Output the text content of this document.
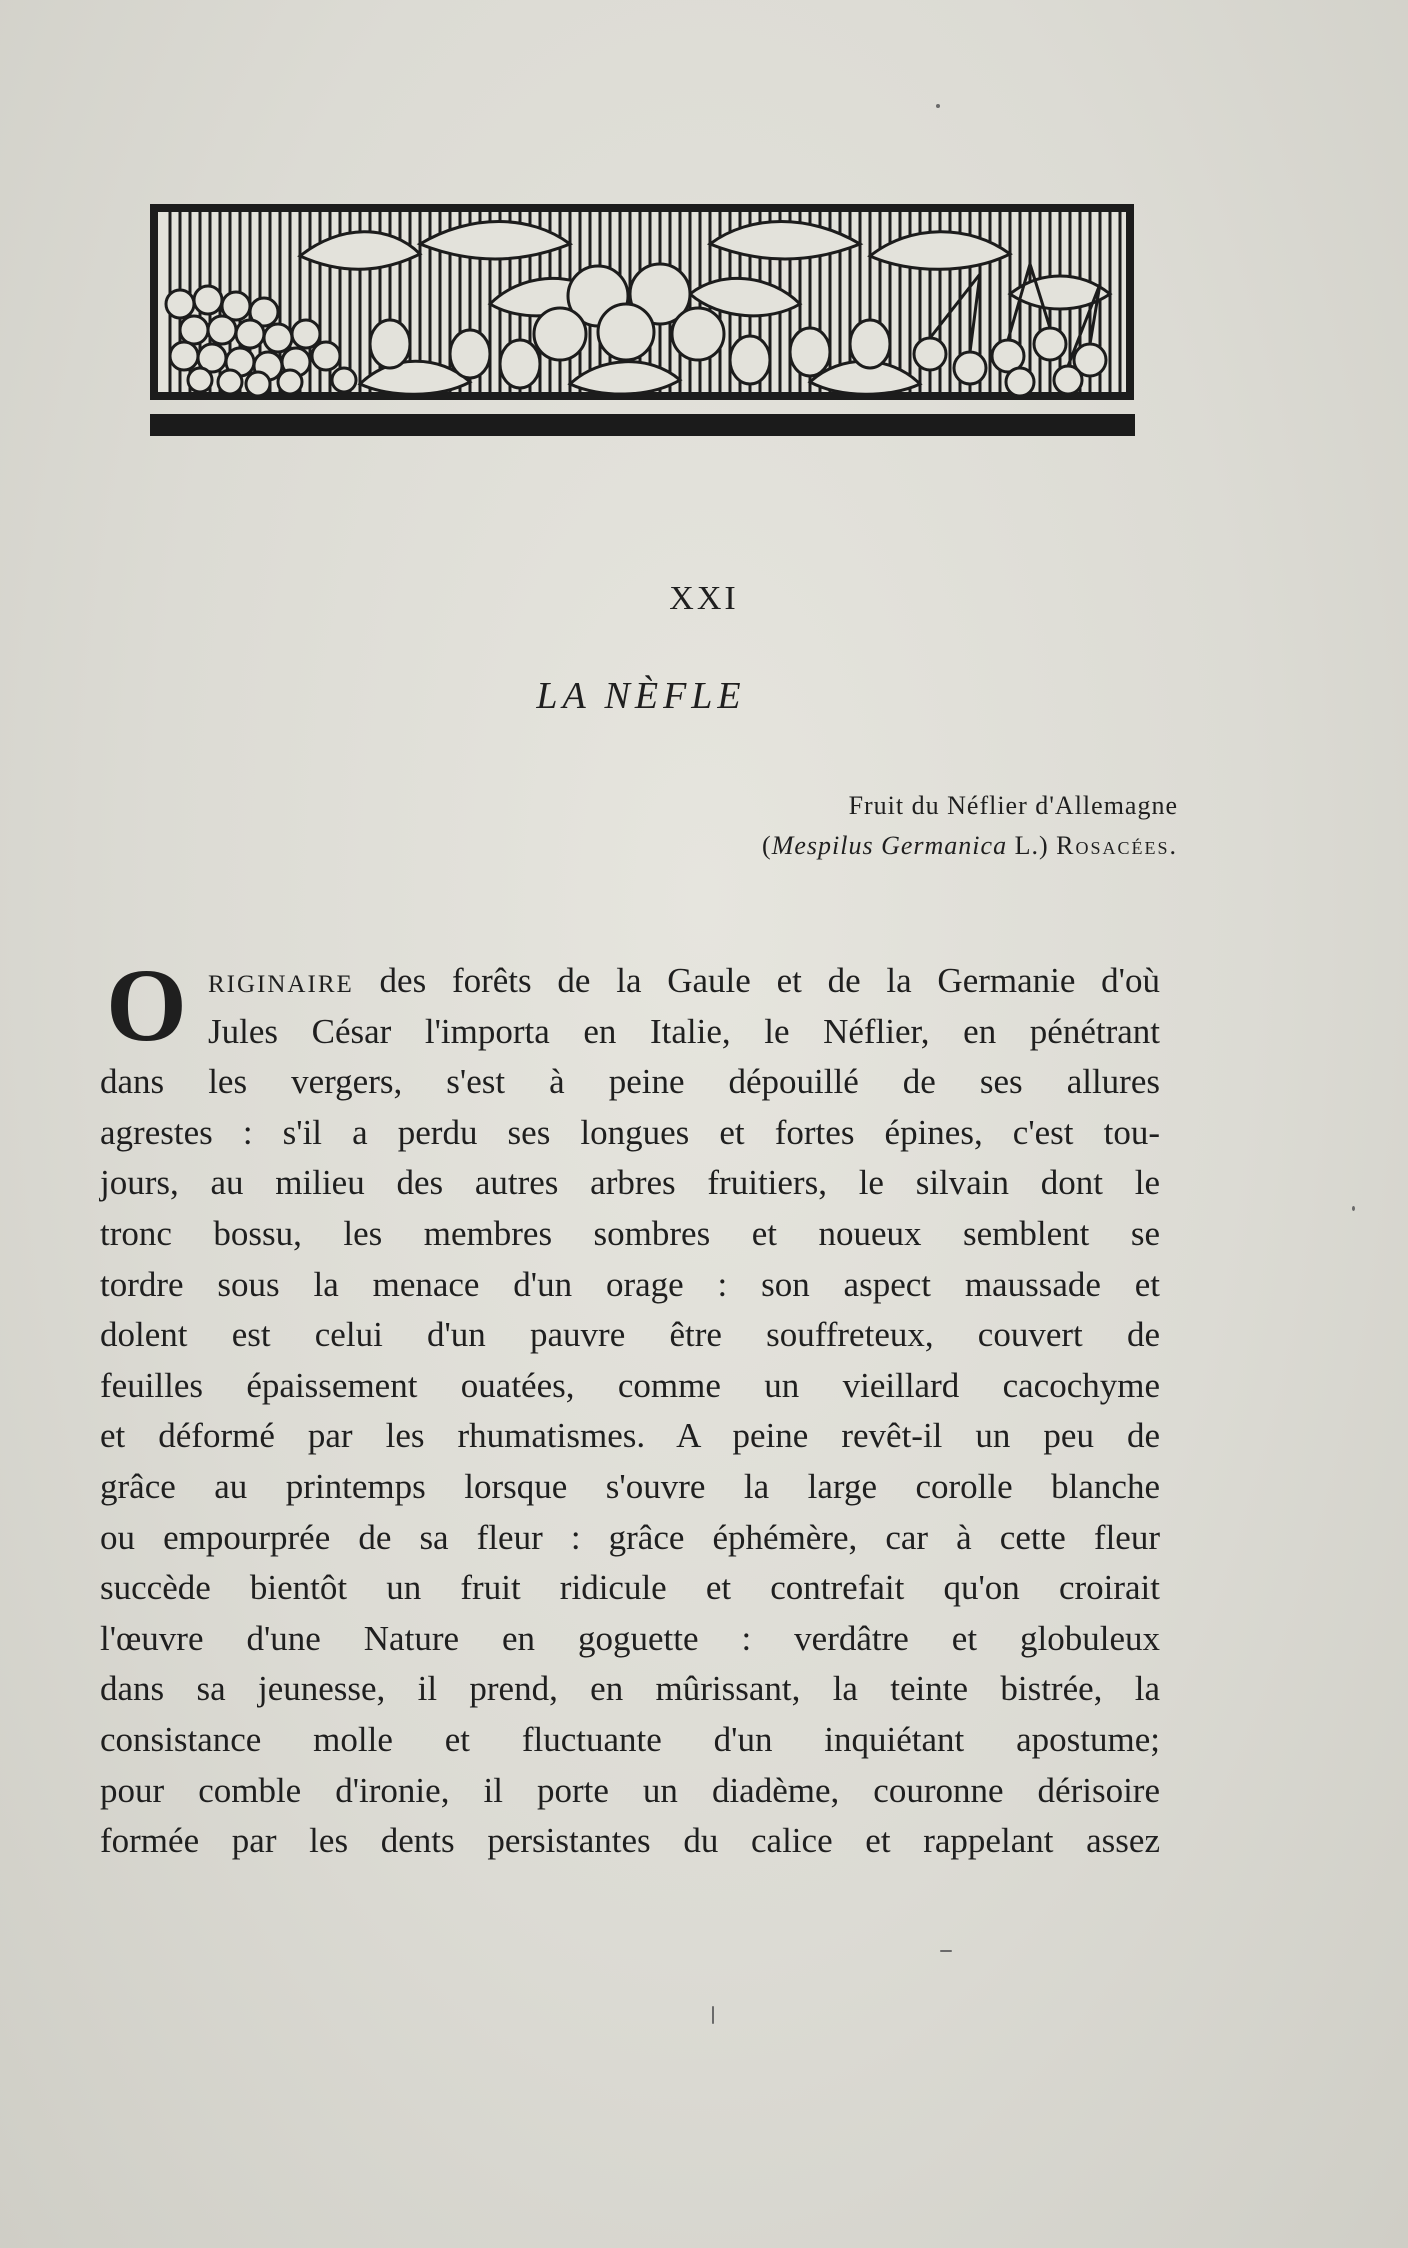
XXI
LA NÈFLE
Fruit du Néflier d'Allemagne
(Mespilus Germanica L.) Rosacées.
O riginaire des forêts de la Gaule et de la Germanie d'où
Jules César l'importa en Italie, le Néflier, en pénétrant
dans les vergers, s'est à peine dépouillé de ses allures
agrestes : s'il a perdu ses longues et fortes épines, c'est tou-
jours, au milieu des autres arbres fruitiers, le silvain dont le
tronc bossu, les membres sombres et noueux semblent se
tordre sous la menace d'un orage : son aspect maussade et
dolent est celui d'un pauvre être souffreteux, couvert de
feuilles épaissement ouatées, comme un vieillard cacochyme
et déformé par les rhumatismes. A peine revêt-il un peu de
grâce au printemps lorsque s'ouvre la large corolle blanche
ou empourprée de sa fleur : grâce éphémère, car à cette fleur
succède bientôt un fruit ridicule et contrefait qu'on croirait
l'œuvre d'une Nature en goguette : verdâtre et globuleux
dans sa jeunesse, il prend, en mûrissant, la teinte bistrée, la
consistance molle et fluctuante d'un inquiétant apostume;
pour comble d'ironie, il porte un diadème, couronne dérisoire
formée par les dents persistantes du calice et rappelant assez
